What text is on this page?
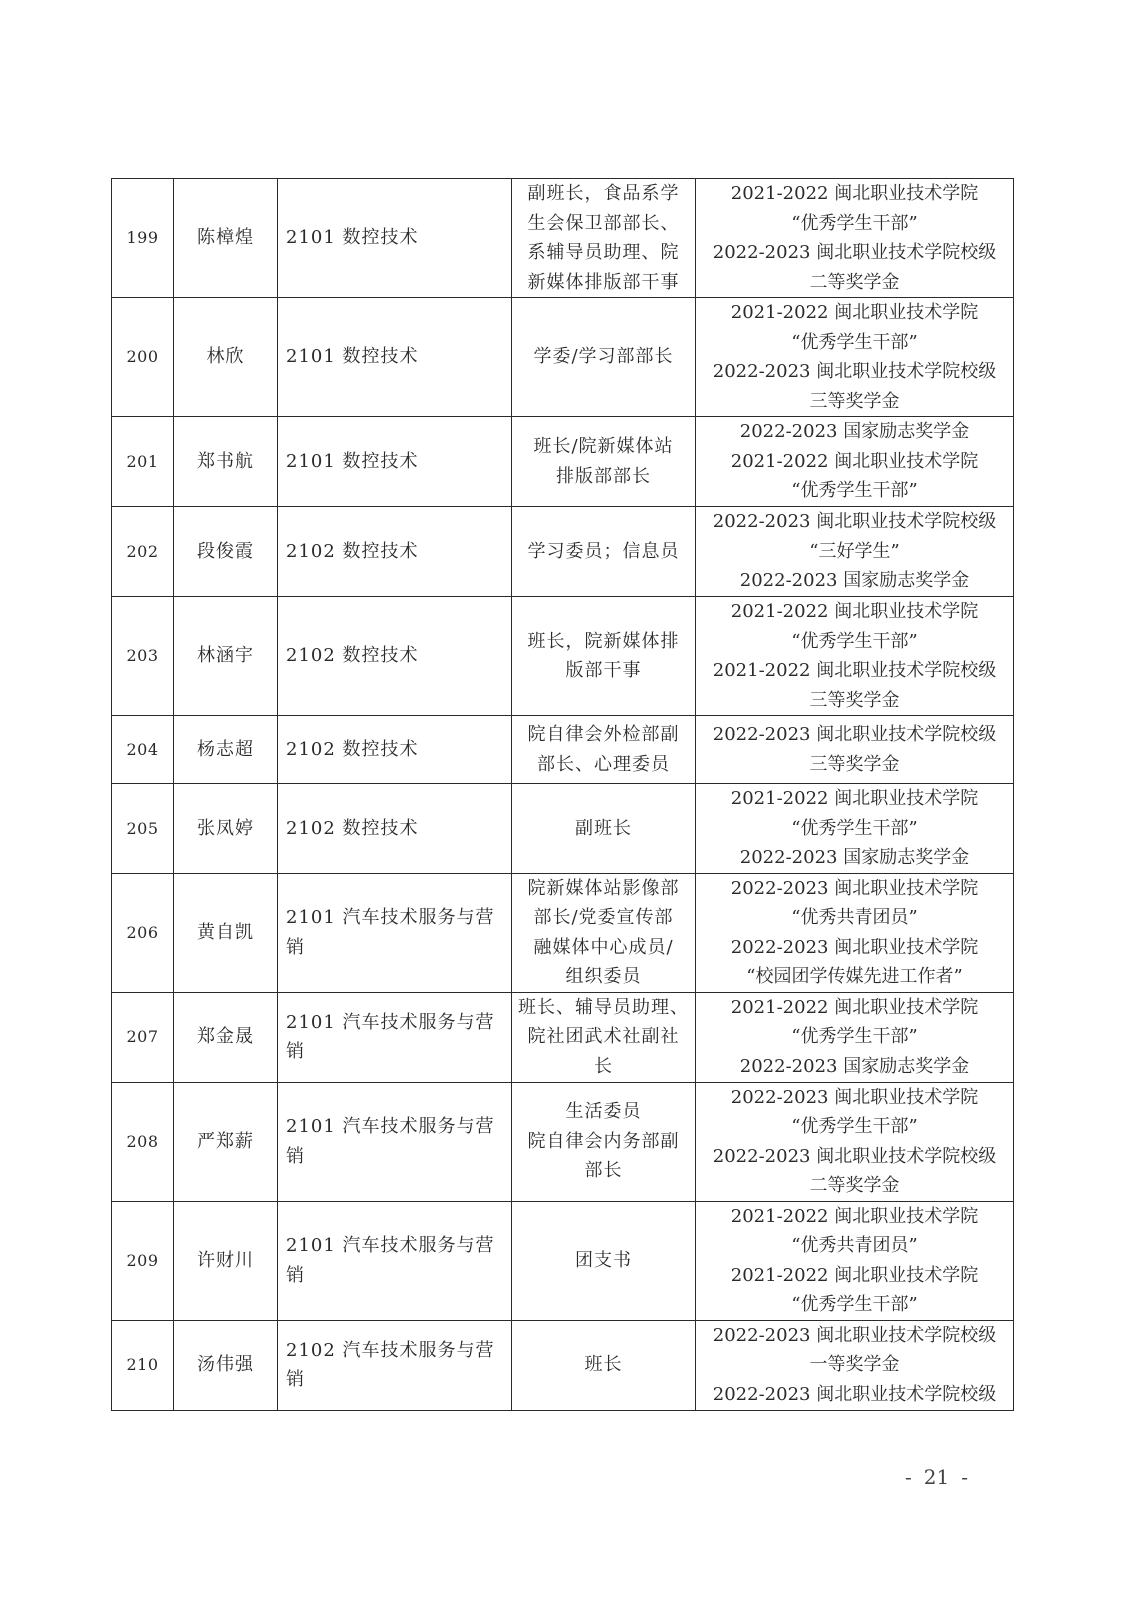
199	陈樟煌	2101 数控技术	副班长，食品系学
生会保卫部部长、
系辅导员助理、院
新媒体排版部干事	2021-2022 闽北职业技术学院
“优秀学生干部”
2022-2023 闽北职业技术学院校级
二等奖学金

200	林欣	2101 数控技术	学委/学习部部长	2021-2022 闽北职业技术学院
“优秀学生干部”
2022-2023 闽北职业技术学院校级
三等奖学金

201	郑书航	2101 数控技术	班长/院新媒体站
排版部部长	2022-2023 国家励志奖学金
2021-2022 闽北职业技术学院
“优秀学生干部”

202	段俊霞	2102 数控技术	学习委员；信息员	2022-2023 闽北职业技术学院校级
“三好学生”
2022-2023 国家励志奖学金

203	林涵宇	2102 数控技术	班长，院新媒体排
版部干事	2021-2022 闽北职业技术学院
“优秀学生干部”
2021-2022 闽北职业技术学院校级
三等奖学金

204	杨志超	2102 数控技术	院自律会外检部副
部长、心理委员	2022-2023 闽北职业技术学院校级
三等奖学金

205	张凤婷	2102 数控技术	副班长	2021-2022 闽北职业技术学院
“优秀学生干部”
2022-2023 国家励志奖学金

206	黄自凯	2101 汽车技术服务与营
销	院新媒体站影像部
部长/党委宣传部
融媒体中心成员/
组织委员	2022-2023 闽北职业技术学院
“优秀共青团员”
2022-2023 闽北职业技术学院
“校园团学传媒先进工作者”

207	郑金晟	2101 汽车技术服务与营
销	班长、辅导员助理、
院社团武术社副社
长	2021-2022 闽北职业技术学院
“优秀学生干部”
2022-2023 国家励志奖学金

208	严郑薪	2101 汽车技术服务与营
销	生活委员
院自律会内务部副
部长	2022-2023 闽北职业技术学院
“优秀学生干部”
2022-2023 闽北职业技术学院校级
二等奖学金

209	许财川	2101 汽车技术服务与营
销	团支书	2021-2022 闽北职业技术学院
“优秀共青团员”
2021-2022 闽北职业技术学院
“优秀学生干部”

210	汤伟强	2102 汽车技术服务与营
销	班长	2022-2023 闽北职业技术学院校级
一等奖学金
2022-2023 闽北职业技术学院校级
- 21 -
